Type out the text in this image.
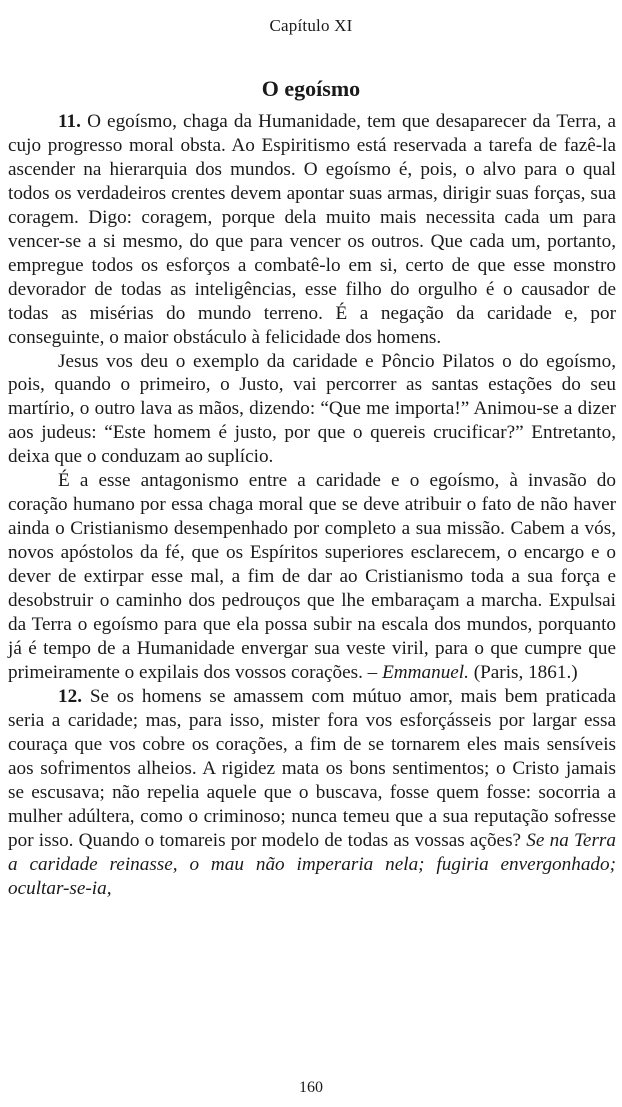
Capítulo XI
O egoísmo

11. O egoísmo, chaga da Humanidade, tem que desaparecer da Terra, a cujo progresso moral obsta. Ao Espiritismo está reservada a tarefa de fazê-la ascender na hierarquia dos mundos. O egoísmo é, pois, o alvo para o qual todos os verdadeiros crentes devem apontar suas armas, dirigir suas forças, sua coragem. Digo: coragem, porque dela muito mais necessita cada um para vencer-se a si mesmo, do que para vencer os outros. Que cada um, portanto, empregue todos os esforços a combatê-lo em si, certo de que esse monstro devorador de todas as inteligências, esse filho do orgulho é o causador de todas as misérias do mundo terreno. É a negação da caridade e, por conseguinte, o maior obstáculo à felicidade dos homens.

Jesus vos deu o exemplo da caridade e Pôncio Pilatos o do egoísmo, pois, quando o primeiro, o Justo, vai percorrer as santas estações do seu martírio, o outro lava as mãos, dizendo: “Que me importa!” Animou-se a dizer aos judeus: “Este homem é justo, por que o quereis crucificar?” Entretanto, deixa que o conduzam ao suplício.

É a esse antagonismo entre a caridade e o egoísmo, à invasão do coração humano por essa chaga moral que se deve atribuir o fato de não haver ainda o Cristianismo desempenhado por completo a sua missão. Cabem a vós, novos apóstolos da fé, que os Espíritos superiores esclarecem, o encargo e o dever de extirpar esse mal, a fim de dar ao Cristianismo toda a sua força e desobstruir o caminho dos pedrouços que lhe embaraçam a marcha. Expulsai da Terra o egoísmo para que ela possa subir na escala dos mundos, porquanto já é tempo de a Humanidade envergar sua veste viril, para o que cumpre que primeiramente o expilais dos vossos corações. – Emmanuel. (Paris, 1861.)

12. Se os homens se amassem com mútuo amor, mais bem praticada seria a caridade; mas, para isso, mister fora vos esforçásseis por largar essa couraça que vos cobre os corações, a fim de se tornarem eles mais sensíveis aos sofrimentos alheios. A rigidez mata os bons sentimentos; o Cristo jamais se escusava; não repelia aquele que o buscava, fosse quem fosse: socorria a mulher adúltera, como o criminoso; nunca temeu que a sua reputação sofresse por isso. Quando o tomareis por modelo de todas as vossas ações? Se na Terra a caridade reinasse, o mau não imperaria nela; fugiria envergonhado; ocultar-se-ia,

160
